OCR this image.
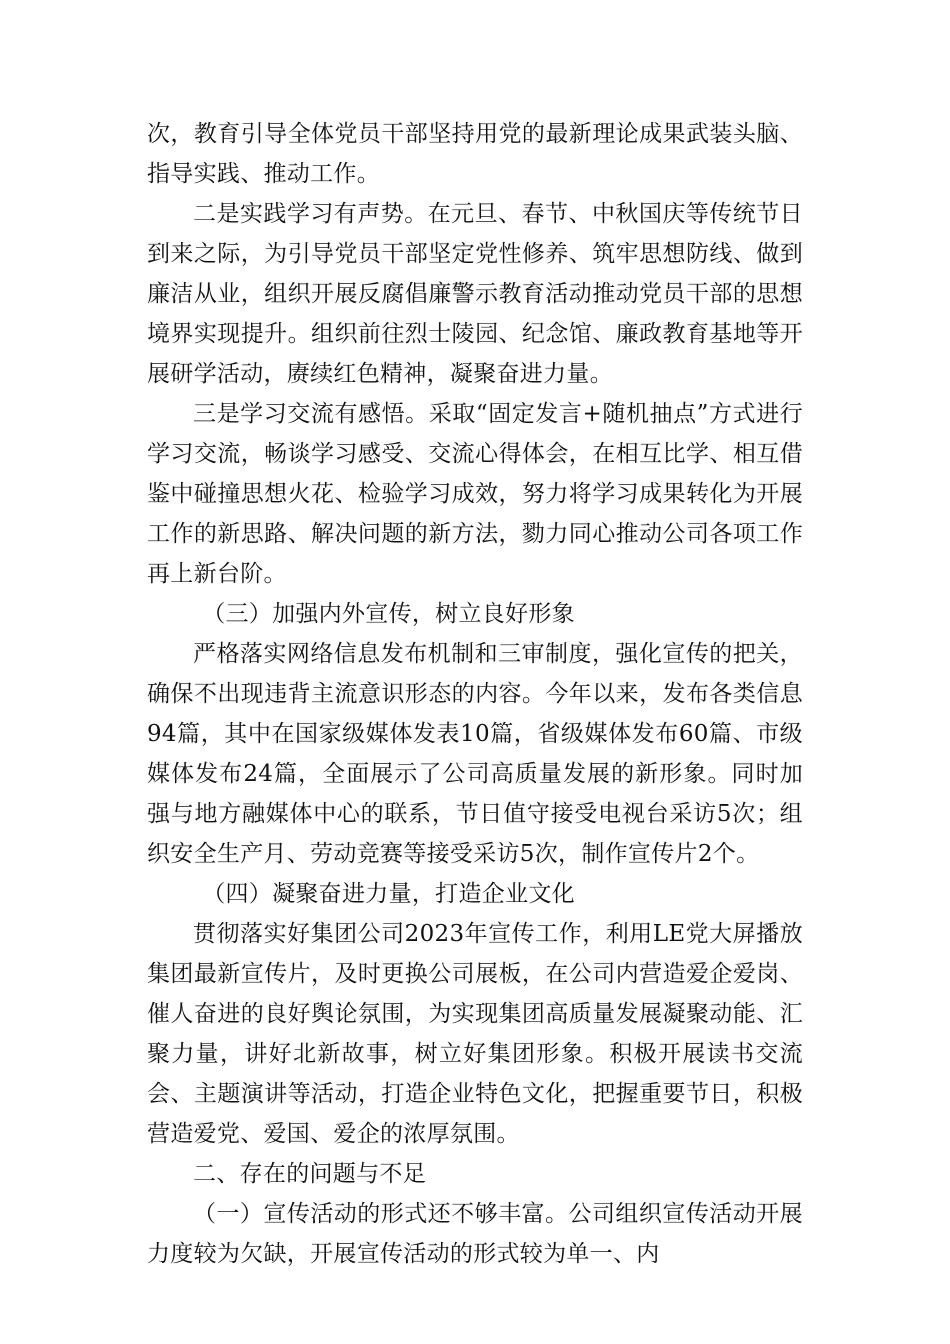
次，教育引导全体党员干部坚持用党的最新理论成果武装头脑、指导实践、推动工作。

二是实践学习有声势。在元旦、春节、中秋国庆等传统节日到来之际，为引导党员干部坚定党性修养、筑牢思想防线、做到廉洁从业，组织开展反腐倡廉警示教育活动推动党员干部的思想境界实现提升。组织前往烈士陵园、纪念馆、廉政教育基地等开展研学活动，赓续红色精神，凝聚奋进力量。

三是学习交流有感悟。采取“固定发言+随机抽点”方式进行学习交流，畅谈学习感受、交流心得体会，在相互比学、相互借鉴中碰撞思想火花、检验学习成效，努力将学习成果转化为开展工作的新思路、解决问题的新方法，勠力同心推动公司各项工作再上新台阶。

（三）加强内外宣传，树立良好形象

严格落实网络信息发布机制和三审制度，强化宣传的把关，确保不出现违背主流意识形态的内容。今年以来，发布各类信息94篇，其中在国家级媒体发表10篇，省级媒体发布60篇、市级媒体发布24篇，全面展示了公司高质量发展的新形象。同时加强与地方融媒体中心的联系，节日值守接受电视台采访5次；组织安全生产月、劳动竞赛等接受采访5次，制作宣传片2个。

（四）凝聚奋进力量，打造企业文化

贯彻落实好集团公司2023年宣传工作，利用LE党大屏播放集团最新宣传片，及时更换公司展板，在公司内营造爱企爱岗、催人奋进的良好舆论氛围，为实现集团高质量发展凝聚动能、汇聚力量，讲好北新故事，树立好集团形象。积极开展读书交流会、主题演讲等活动，打造企业特色文化，把握重要节日，积极营造爱党、爱国、爱企的浓厚氛围。

二、存在的问题与不足

（一）宣传活动的形式还不够丰富。公司组织宣传活动开展力度较为欠缺，开展宣传活动的形式较为单一、内
